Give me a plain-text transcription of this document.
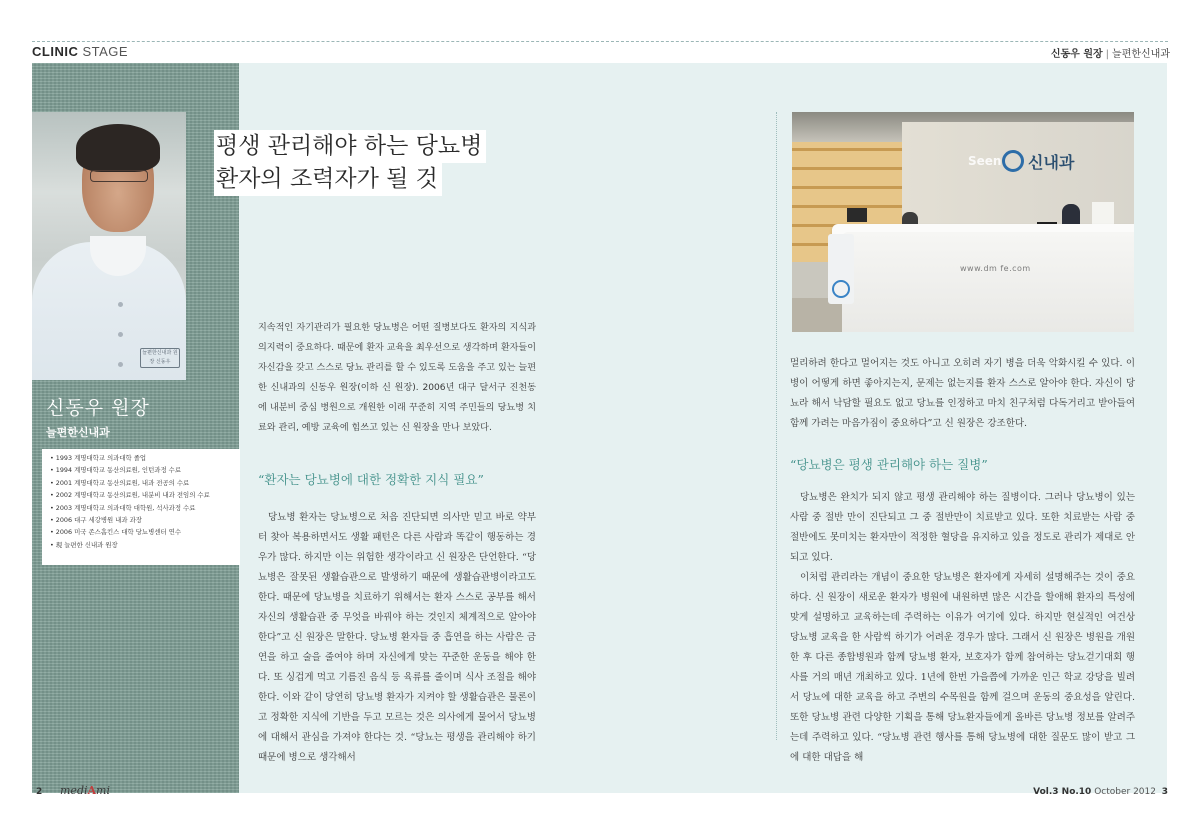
CLINIC STAGE	신동우 원장 | 늘편한신내과
늘편한신내과 원장 신동우
신동우 원장
늘편한신내과
• 1993 계명대학교 의과대학 졸업
• 1994 계명대학교 동산의료원, 인턴과정 수료
• 2001 계명대학교 동산의료원, 내과 전공의 수료
• 2002 계명대학교 동산의료원, 내분비 내과 전임의 수료
• 2003 계명대학교 의과대학 대학원, 석사과정 수료
• 2006 대구 세강병원 내과 과장
• 2006 미국 존스홉킨스 대학 당뇨병센터 연수
• 現 늘편한 신내과 원장
평생 관리해야 하는 당뇨병
환자의 조력자가 될 것
지속적인 자기관리가 필요한 당뇨병은 어떤 질병보다도 환자의 지식과 의지력이 중요하다. 때문에 환자 교육을 최우선으로 생각하며 환자들이 자신감을 갖고 스스로 당뇨 관리를 할 수 있도록 도움을 주고 있는 늘편한 신내과의 신동우 원장(이하 신 원장). 2006년 대구 달서구 진천동에 내분비 중심 병원으로 개원한 이래 꾸준히 지역 주민들의 당뇨병 치료와 관리, 예방 교육에 힘쓰고 있는 신 원장을 만나 보았다.
“환자는 당뇨병에 대한 정확한 지식 필요”
당뇨병 환자는 당뇨병으로 처음 진단되면 의사만 믿고 바로 약부터 찾아 복용하면서도 생활 패턴은 다른 사람과 똑같이 행동하는 경우가 많다. 하지만 이는 위험한 생각이라고 신 원장은 단언한다. “당뇨병은 잘못된 생활습관으로 발생하기 때문에 생활습관병이라고도 한다. 때문에 당뇨병을 치료하기 위해서는 환자 스스로 공부를 해서 자신의 생활습관 중 무엇을 바꿔야 하는 것인지 체계적으로 알아야 한다”고 신 원장은 말한다. 당뇨병 환자들 중 흡연을 하는 사람은 금연을 하고 술을 줄여야 하며 자신에게 맞는 꾸준한 운동을 해야 한다. 또 싱겁게 먹고 기름진 음식 등 육류를 줄이며 식사 조절을 해야 한다. 이와 같이 당연히 당뇨병 환자가 지켜야 할 생활습관은 물론이고 정확한 지식에 기반을 두고 모르는 것은 의사에게 물어서 당뇨병에 대해서 관심을 가져야 한다는 것. “당뇨는 평생을 관리해야 하기 때문에 병으로 생각해서
Seen 신내과
www.dm fe.com
멀리하려 한다고 멀어지는 것도 아니고 오히려 자기 병을 더욱 악화시킬 수 있다. 이 병이 어떻게 하면 좋아지는지, 문제는 없는지를 환자 스스로 알아야 한다. 자신이 당뇨라 해서 낙담할 필요도 없고 당뇨를 인정하고 마치 친구처럼 다독거리고 받아들여 함께 가려는 마음가짐이 중요하다”고 신 원장은 강조한다.
“당뇨병은 평생 관리해야 하는 질병”

당뇨병은 완치가 되지 않고 평생 관리해야 하는 질병이다. 그러나 당뇨병이 있는 사람 중 절반 만이 진단되고 그 중 절반만이 치료받고 있다. 또한 치료받는 사람 중 절반에도 못미치는 환자만이 적정한 혈당을 유지하고 있을 정도로 관리가 제대로 안되고 있다.

이처럼 관리라는 개념이 중요한 당뇨병은 환자에게 자세히 설명해주는 것이 중요하다. 신 원장이 새로운 환자가 병원에 내원하면 많은 시간을 할애해 환자의 특성에 맞게 설명하고 교육하는데 주력하는 이유가 여기에 있다. 하지만 현실적인 여건상 당뇨병 교육을 한 사람씩 하기가 어려운 경우가 많다. 그래서 신 원장은 병원을 개원한 후 다른 종합병원과 함께 당뇨병 환자, 보호자가 함께 참여하는 당뇨걷기대회 행사를 거의 매년 개최하고 있다. 1년에 한번 가을쯤에 가까운 인근 학교 강당을 빌려서 당뇨에 대한 교육을 하고 주변의 수목원을 함께 걸으며 운동의 중요성을 알린다. 또한 당뇨병 관련 다양한 기획을 통해 당뇨환자들에게 올바른 당뇨병 정보를 알려주는데 주력하고 있다. “당뇨병 관련 행사를 통해 당뇨병에 대한 질문도 많이 받고 그에 대한 대답을 해

2 mediAmi	Vol.3 No.10 October 2012 3
